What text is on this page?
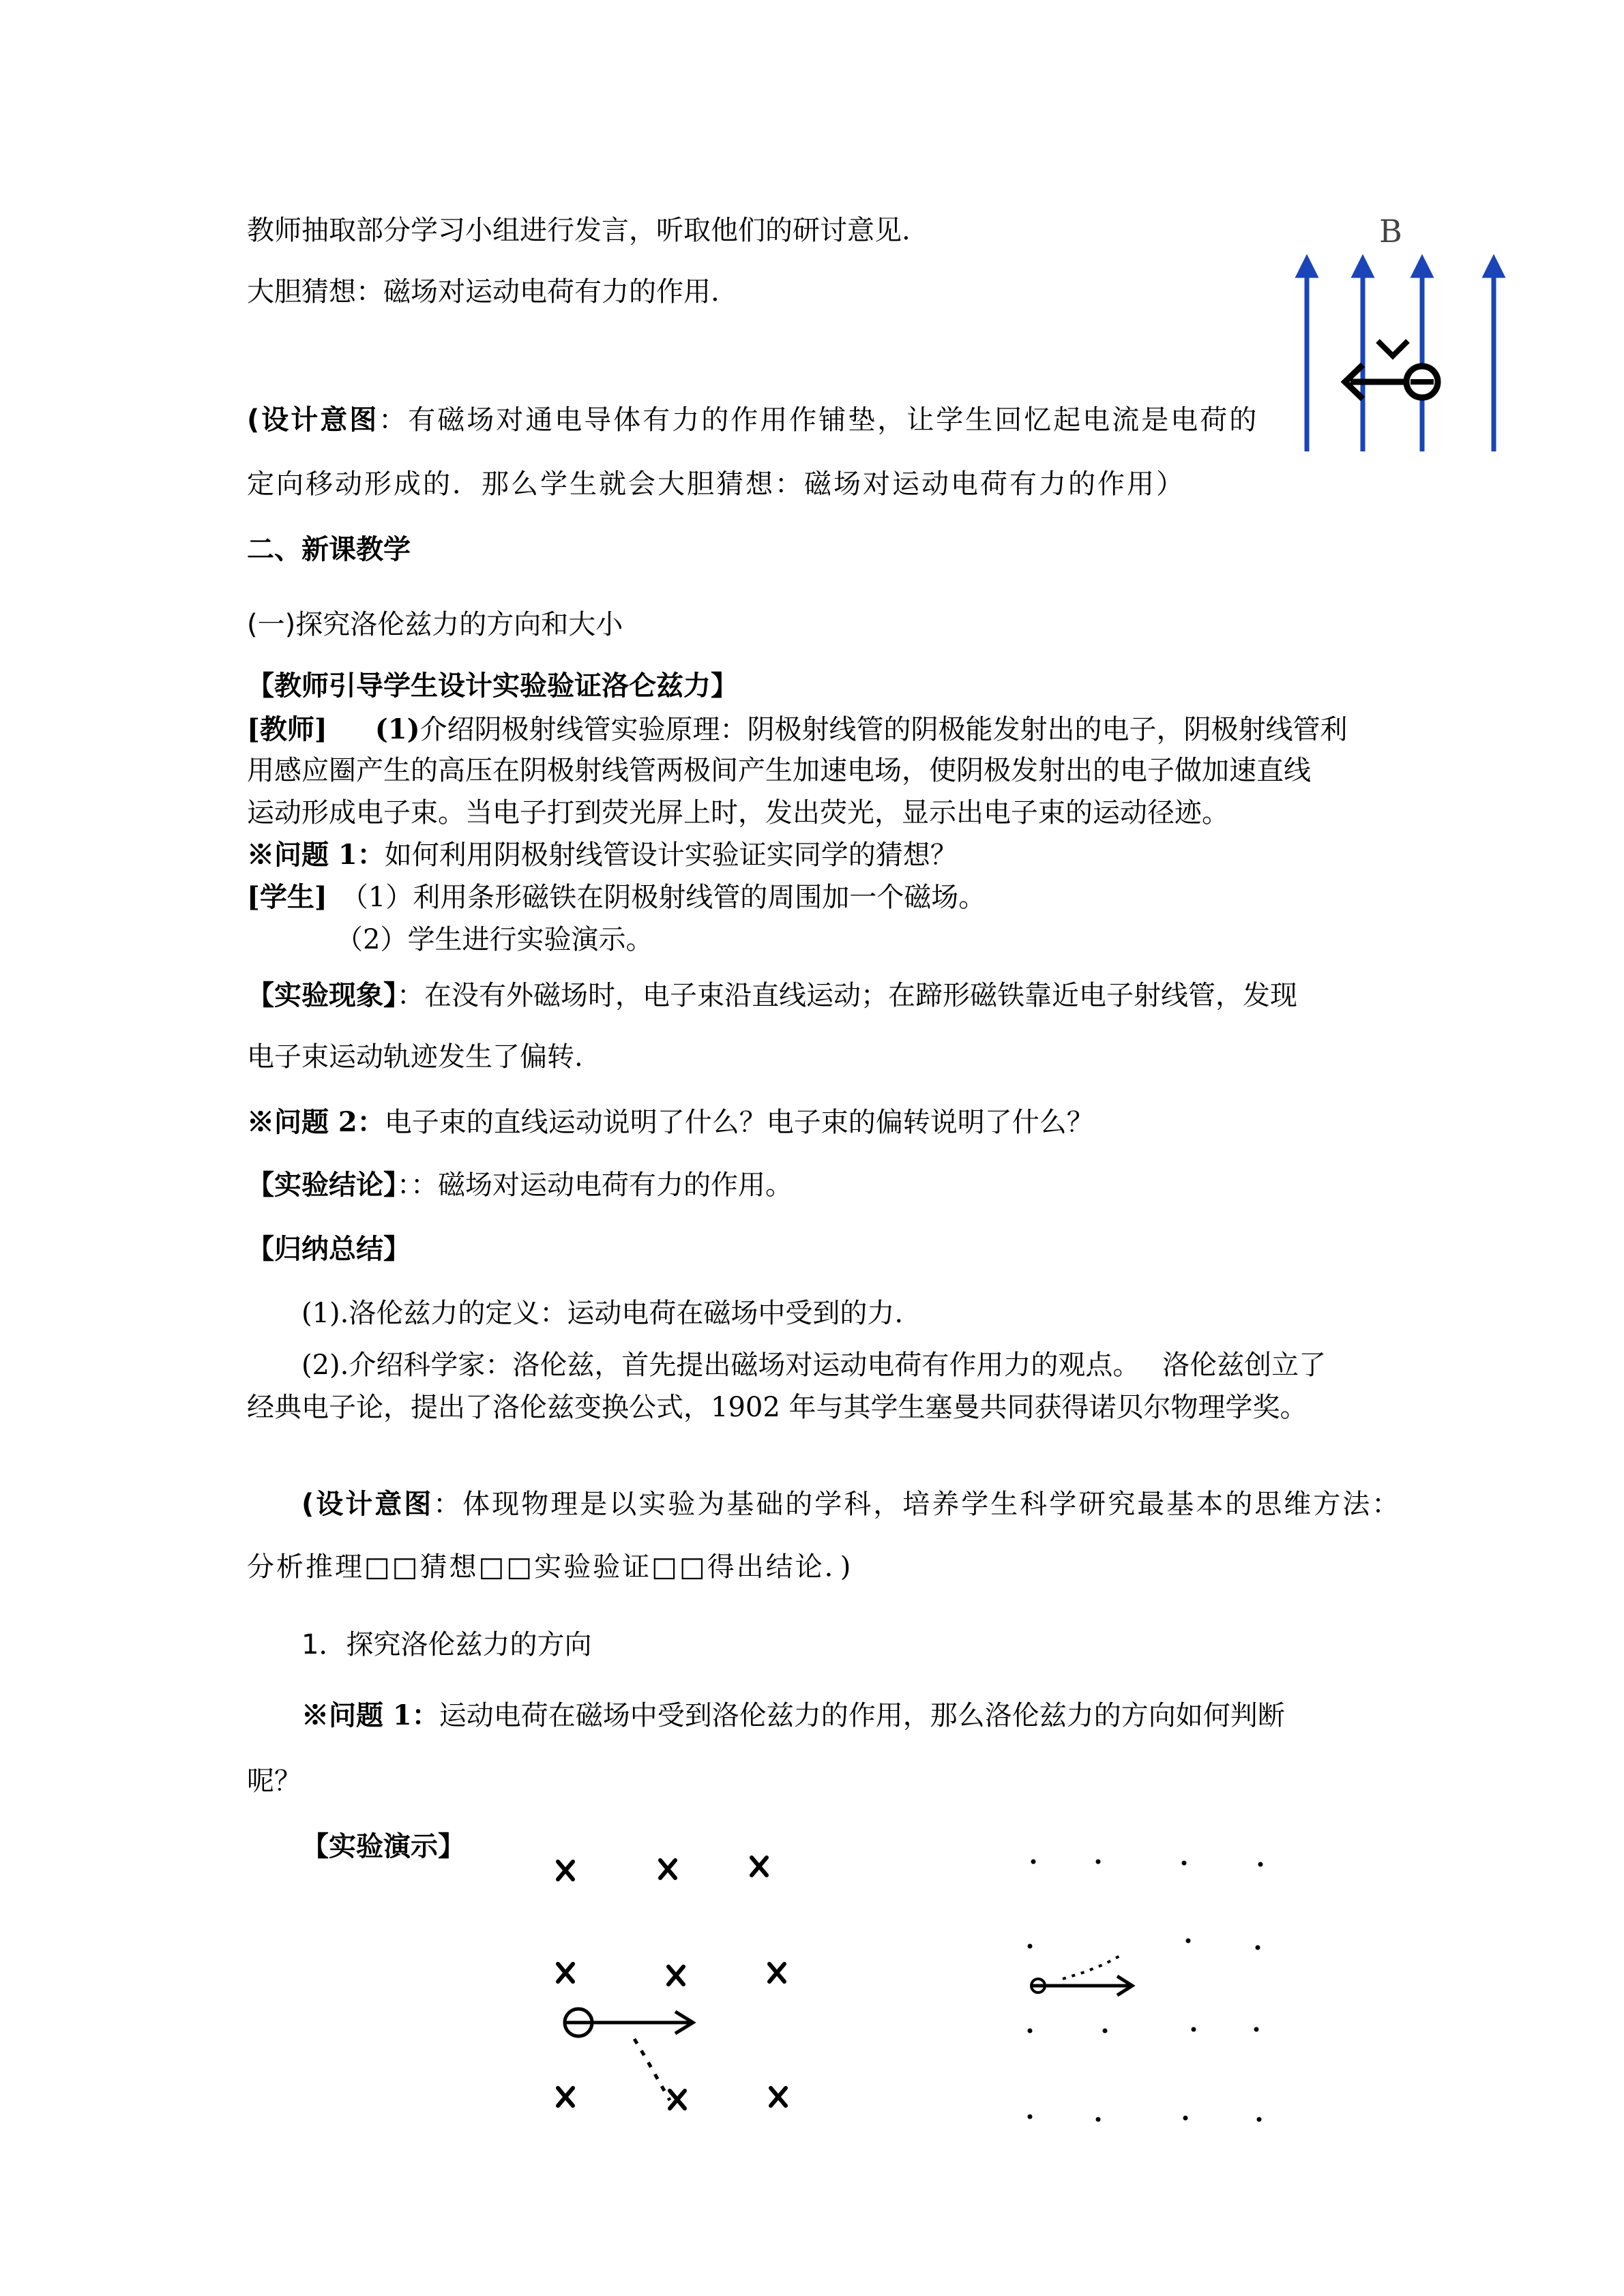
教师抽取部分学习小组进行发言，听取他们的研讨意见.
大胆猜想：磁场对运动电荷有力的作用.
(设计意图：有磁场对通电导体有力的作用作铺垫，让学生回忆起电流是电荷的
定向移动形成的．那么学生就会大胆猜想：磁场对运动电荷有力的作用）
二、新课教学
(一)探究洛伦兹力的方向和大小
【教师引导学生设计实验验证洛仑兹力】
[教师] (1)介绍阴极射线管实验原理：阴极射线管的阴极能发射出的电子，阴极射线管利
用感应圈产生的高压在阴极射线管两极间产生加速电场，使阴极发射出的电子做加速直线
运动形成电子束。当电子打到荧光屏上时，发出荧光，显示出电子束的运动径迹。
※问题 1：如何利用阴极射线管设计实验证实同学的猜想？
[学生] （1）利用条形磁铁在阴极射线管的周围加一个磁场。
（2）学生进行实验演示。
【实验现象】：在没有外磁场时，电子束沿直线运动；在蹄形磁铁靠近电子射线管，发现
电子束运动轨迹发生了偏转.
※问题 2：电子束的直线运动说明了什么？电子束的偏转说明了什么？
【实验结论】：：磁场对运动电荷有力的作用。
【归纳总结】
(1).洛伦兹力的定义：运动电荷在磁场中受到的力.
(2).介绍科学家：洛伦兹，首先提出磁场对运动电荷有作用力的观点。　 洛伦兹创立了
经典电子论，提出了洛伦兹变换公式，1902 年与其学生塞曼共同获得诺贝尔物理学奖。
(设计意图：体现物理是以实验为基础的学科，培养学生科学研究最基本的思维方法：
分析推理□□猜想□□实验验证□□得出结论．)
1．探究洛伦兹力的方向
※问题 1：运动电荷在磁场中受到洛伦兹力的作用，那么洛伦兹力的方向如何判断
呢？
【实验演示】
B
